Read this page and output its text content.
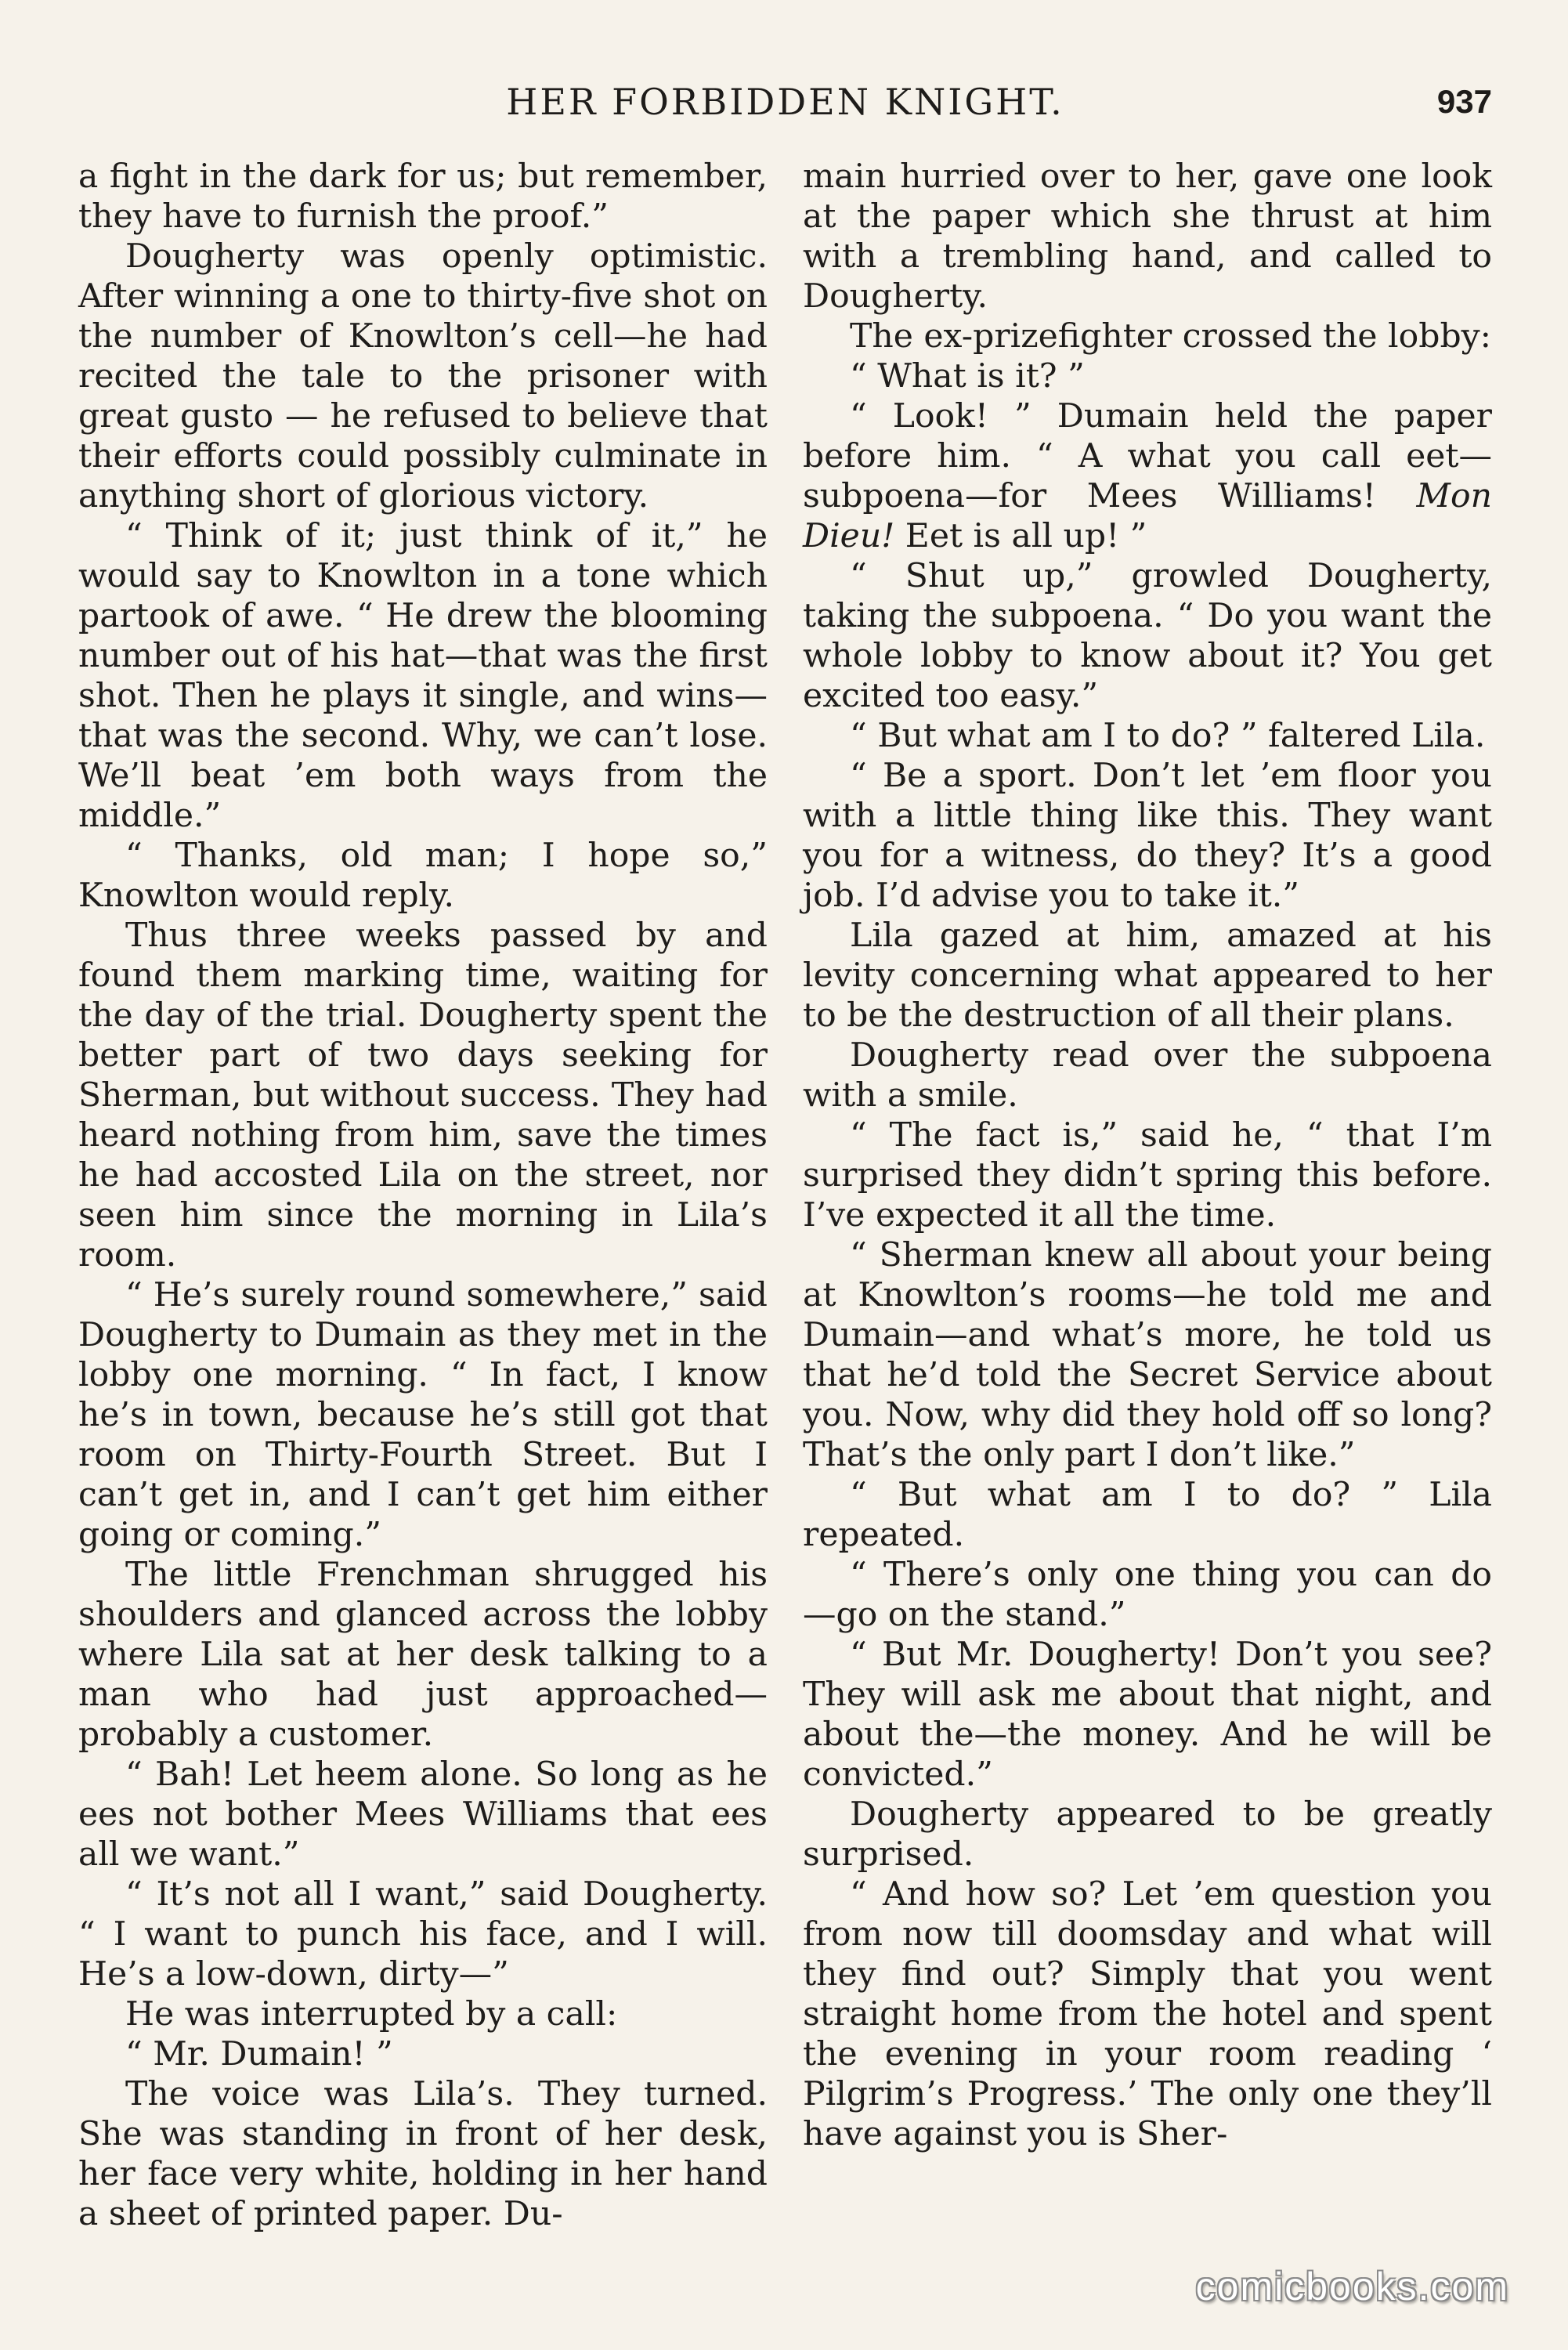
HER FORBIDDEN KNIGHT.	937

a fight in the dark for us; but remember, they have to furnish the proof.”

Dougherty was openly optimistic. After winning a one to thirty-five shot on the number of Knowlton’s cell—he had recited the tale to the prisoner with great gusto — he refused to believe that their efforts could possibly culminate in anything short of glorious victory.

“ Think of it; just think of it,” he would say to Knowlton in a tone which partook of awe. “ He drew the blooming number out of his hat—that was the first shot. Then he plays it single, and wins—that was the second. Why, we can’t lose. We’ll beat ’em both ways from the middle.”

“ Thanks, old man; I hope so,” Knowlton would reply.

Thus three weeks passed by and found them marking time, waiting for the day of the trial. Dougherty spent the better part of two days seeking for Sherman, but without success. They had heard nothing from him, save the times he had accosted Lila on the street, nor seen him since the morning in Lila’s room.

“ He’s surely round somewhere,” said Dougherty to Dumain as they met in the lobby one morning. “ In fact, I know he’s in town, because he’s still got that room on Thirty-Fourth Street. But I can’t get in, and I can’t get him either going or coming.”

The little Frenchman shrugged his shoulders and glanced across the lobby where Lila sat at her desk talking to a man who had just approached—probably a customer.

“ Bah! Let heem alone. So long as he ees not bother Mees Williams that ees all we want.”

“ It’s not all I want,” said Dougherty. “ I want to punch his face, and I will. He’s a low-down, dirty—”

He was interrupted by a call:

“ Mr. Dumain! ”

The voice was Lila’s. They turned. She was standing in front of her desk, her face very white, holding in her hand a sheet of printed paper. Du-

main hurried over to her, gave one look at the paper which she thrust at him with a trembling hand, and called to Dougherty.

The ex-prizefighter crossed the lobby:

“ What is it? ”

“ Look! ” Dumain held the paper before him. “ A what you call eet—subpoena—for Mees Williams! Mon Dieu! Eet is all up! ”

“ Shut up,” growled Dougherty, taking the subpoena. “ Do you want the whole lobby to know about it? You get excited too easy.”

“ But what am I to do? ” faltered Lila.

“ Be a sport. Don’t let ’em floor you with a little thing like this. They want you for a witness, do they? It’s a good job. I’d advise you to take it.”

Lila gazed at him, amazed at his levity concerning what appeared to her to be the destruction of all their plans.

Dougherty read over the subpoena with a smile.

“ The fact is,” said he, “ that I’m surprised they didn’t spring this before. I’ve expected it all the time.

“ Sherman knew all about your being at Knowlton’s rooms—he told me and Dumain—and what’s more, he told us that he’d told the Secret Service about you. Now, why did they hold off so long? That’s the only part I don’t like.”

“ But what am I to do? ” Lila repeated.

“ There’s only one thing you can do —go on the stand.”

“ But Mr. Dougherty! Don’t you see? They will ask me about that night, and about the—the money. And he will be convicted.”

Dougherty appeared to be greatly surprised.

“ And how so? Let ’em question you from now till doomsday and what will they find out? Simply that you went straight home from the hotel and spent the evening in your room reading ‘ Pilgrim’s Progress.’ The only one they’ll have against you is Sher-

comicbooks.com
